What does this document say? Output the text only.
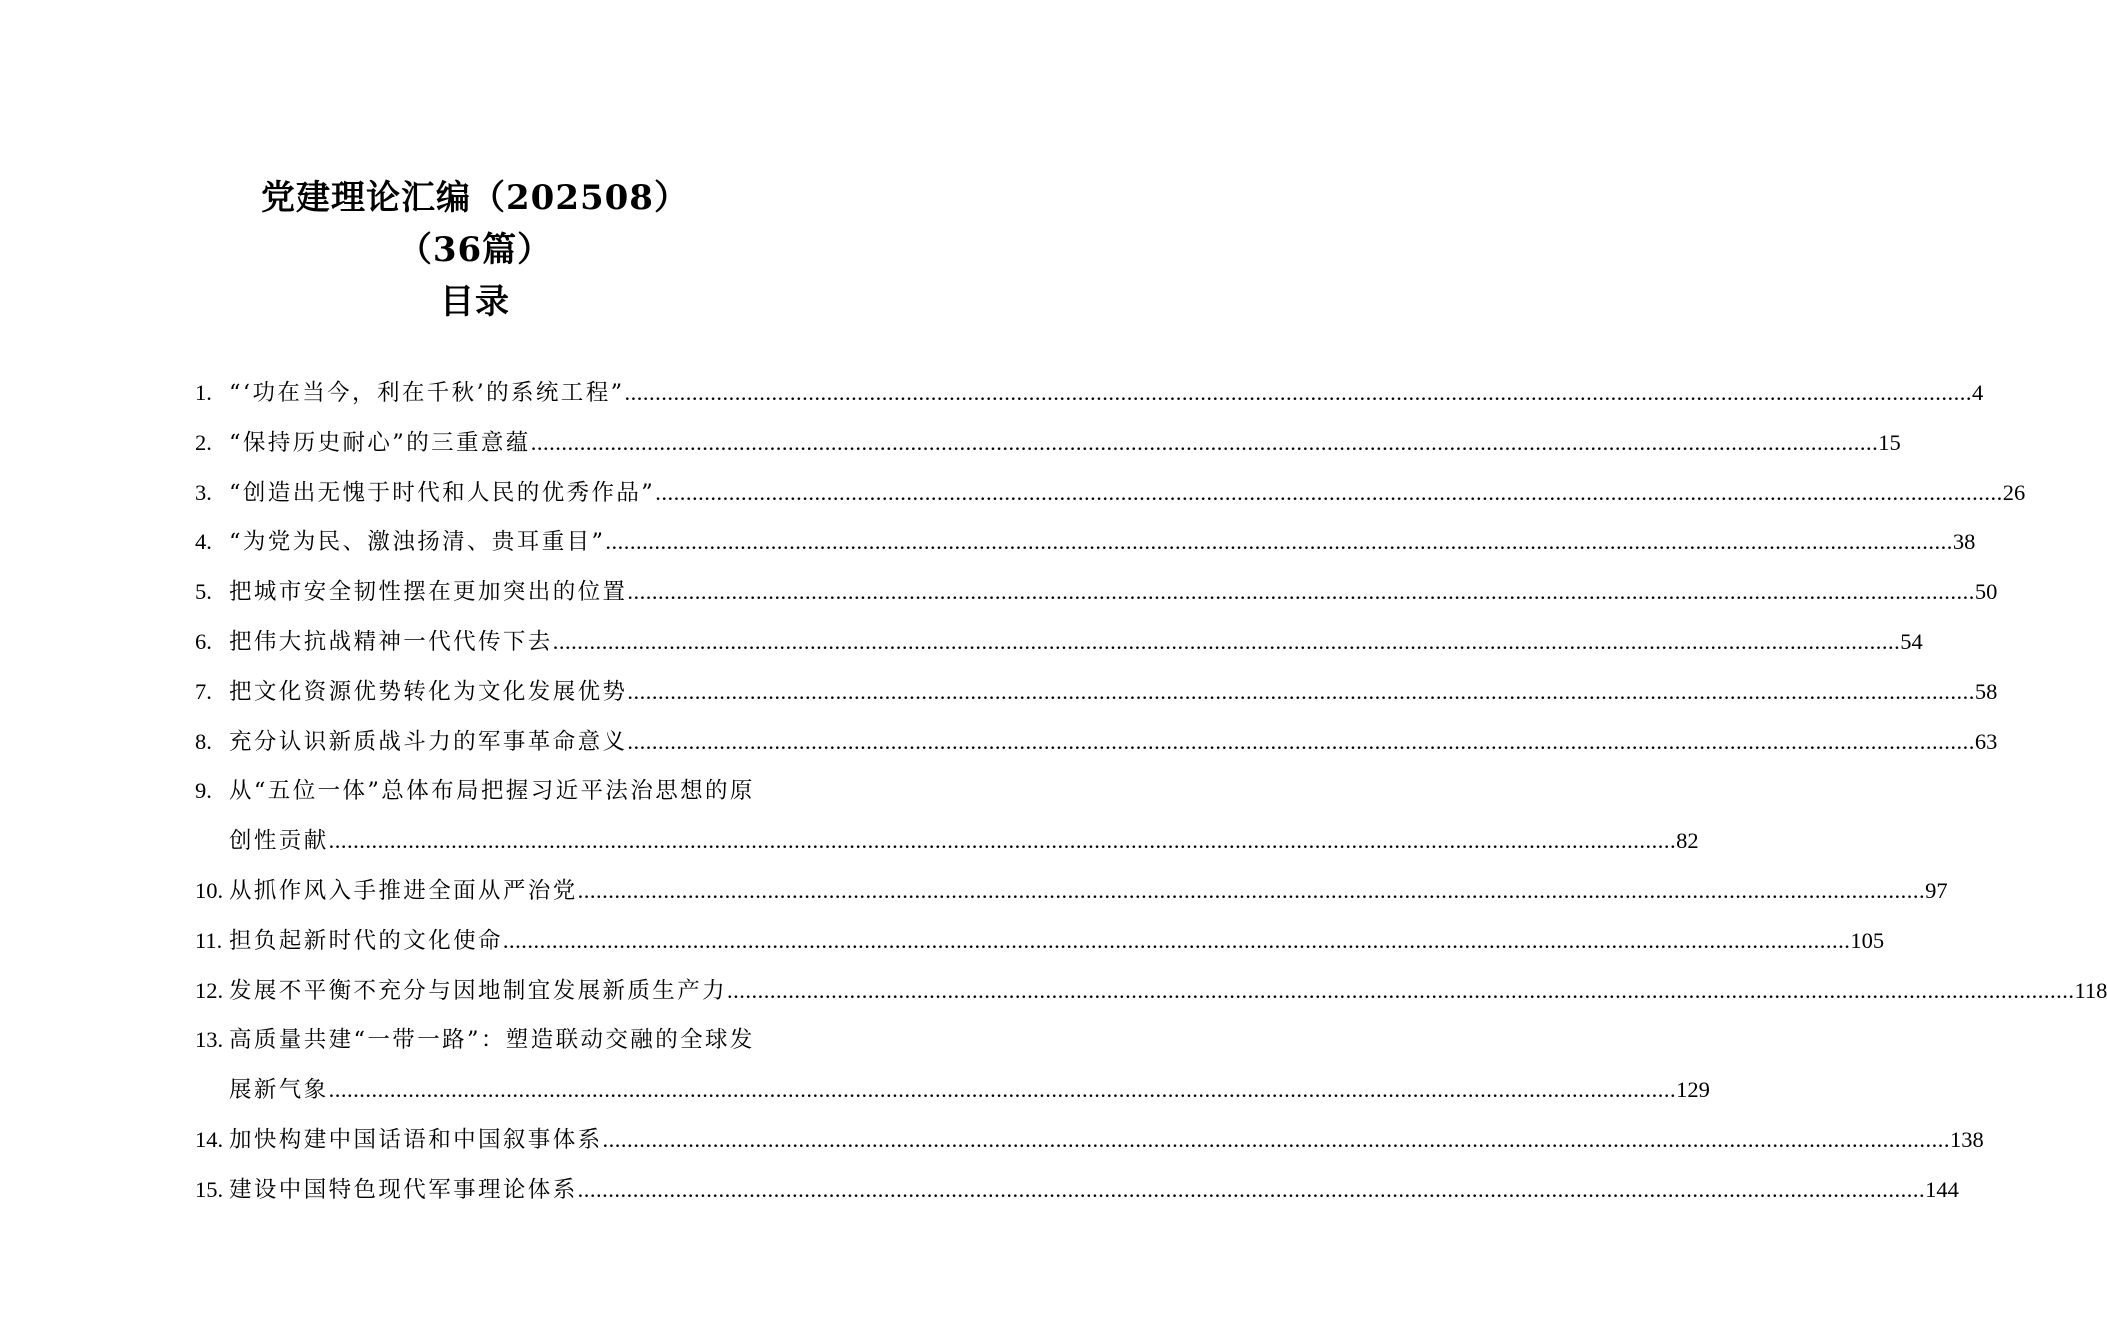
党建理论汇编（202508）
（36篇）
目录
1. “‘功在当今，利在千秋’的系统工程” ............................................................................................................................................................................................................................ 4
2. “保持历史耐心”的三重意蕴 ............................................................................................................................................................................................................................ 15
3. “创造出无愧于时代和人民的优秀作品” ............................................................................................................................................................................................................................ 26
4. “为党为民、激浊扬清、贵耳重目” ............................................................................................................................................................................................................................ 38
5. 把城市安全韧性摆在更加突出的位置 ............................................................................................................................................................................................................................ 50
6. 把伟大抗战精神一代代传下去 ............................................................................................................................................................................................................................ 54
7. 把文化资源优势转化为文化发展优势 ............................................................................................................................................................................................................................ 58
8. 充分认识新质战斗力的军事革命意义 ............................................................................................................................................................................................................................ 63
9. 从“五位一体”总体布局把握习近平法治思想的原
创性贡献 ............................................................................................................................................................................................................................ 82
10. 从抓作风入手推进全面从严治党 ............................................................................................................................................................................................................................ 97
11. 担负起新时代的文化使命 ............................................................................................................................................................................................................................ 105
12. 发展不平衡不充分与因地制宜发展新质生产力 ............................................................................................................................................................................................................................ 118
13. 高质量共建“一带一路”：塑造联动交融的全球发
展新气象 ............................................................................................................................................................................................................................ 129
14. 加快构建中国话语和中国叙事体系 ............................................................................................................................................................................................................................ 138
15. 建设中国特色现代军事理论体系 ............................................................................................................................................................................................................................ 144
